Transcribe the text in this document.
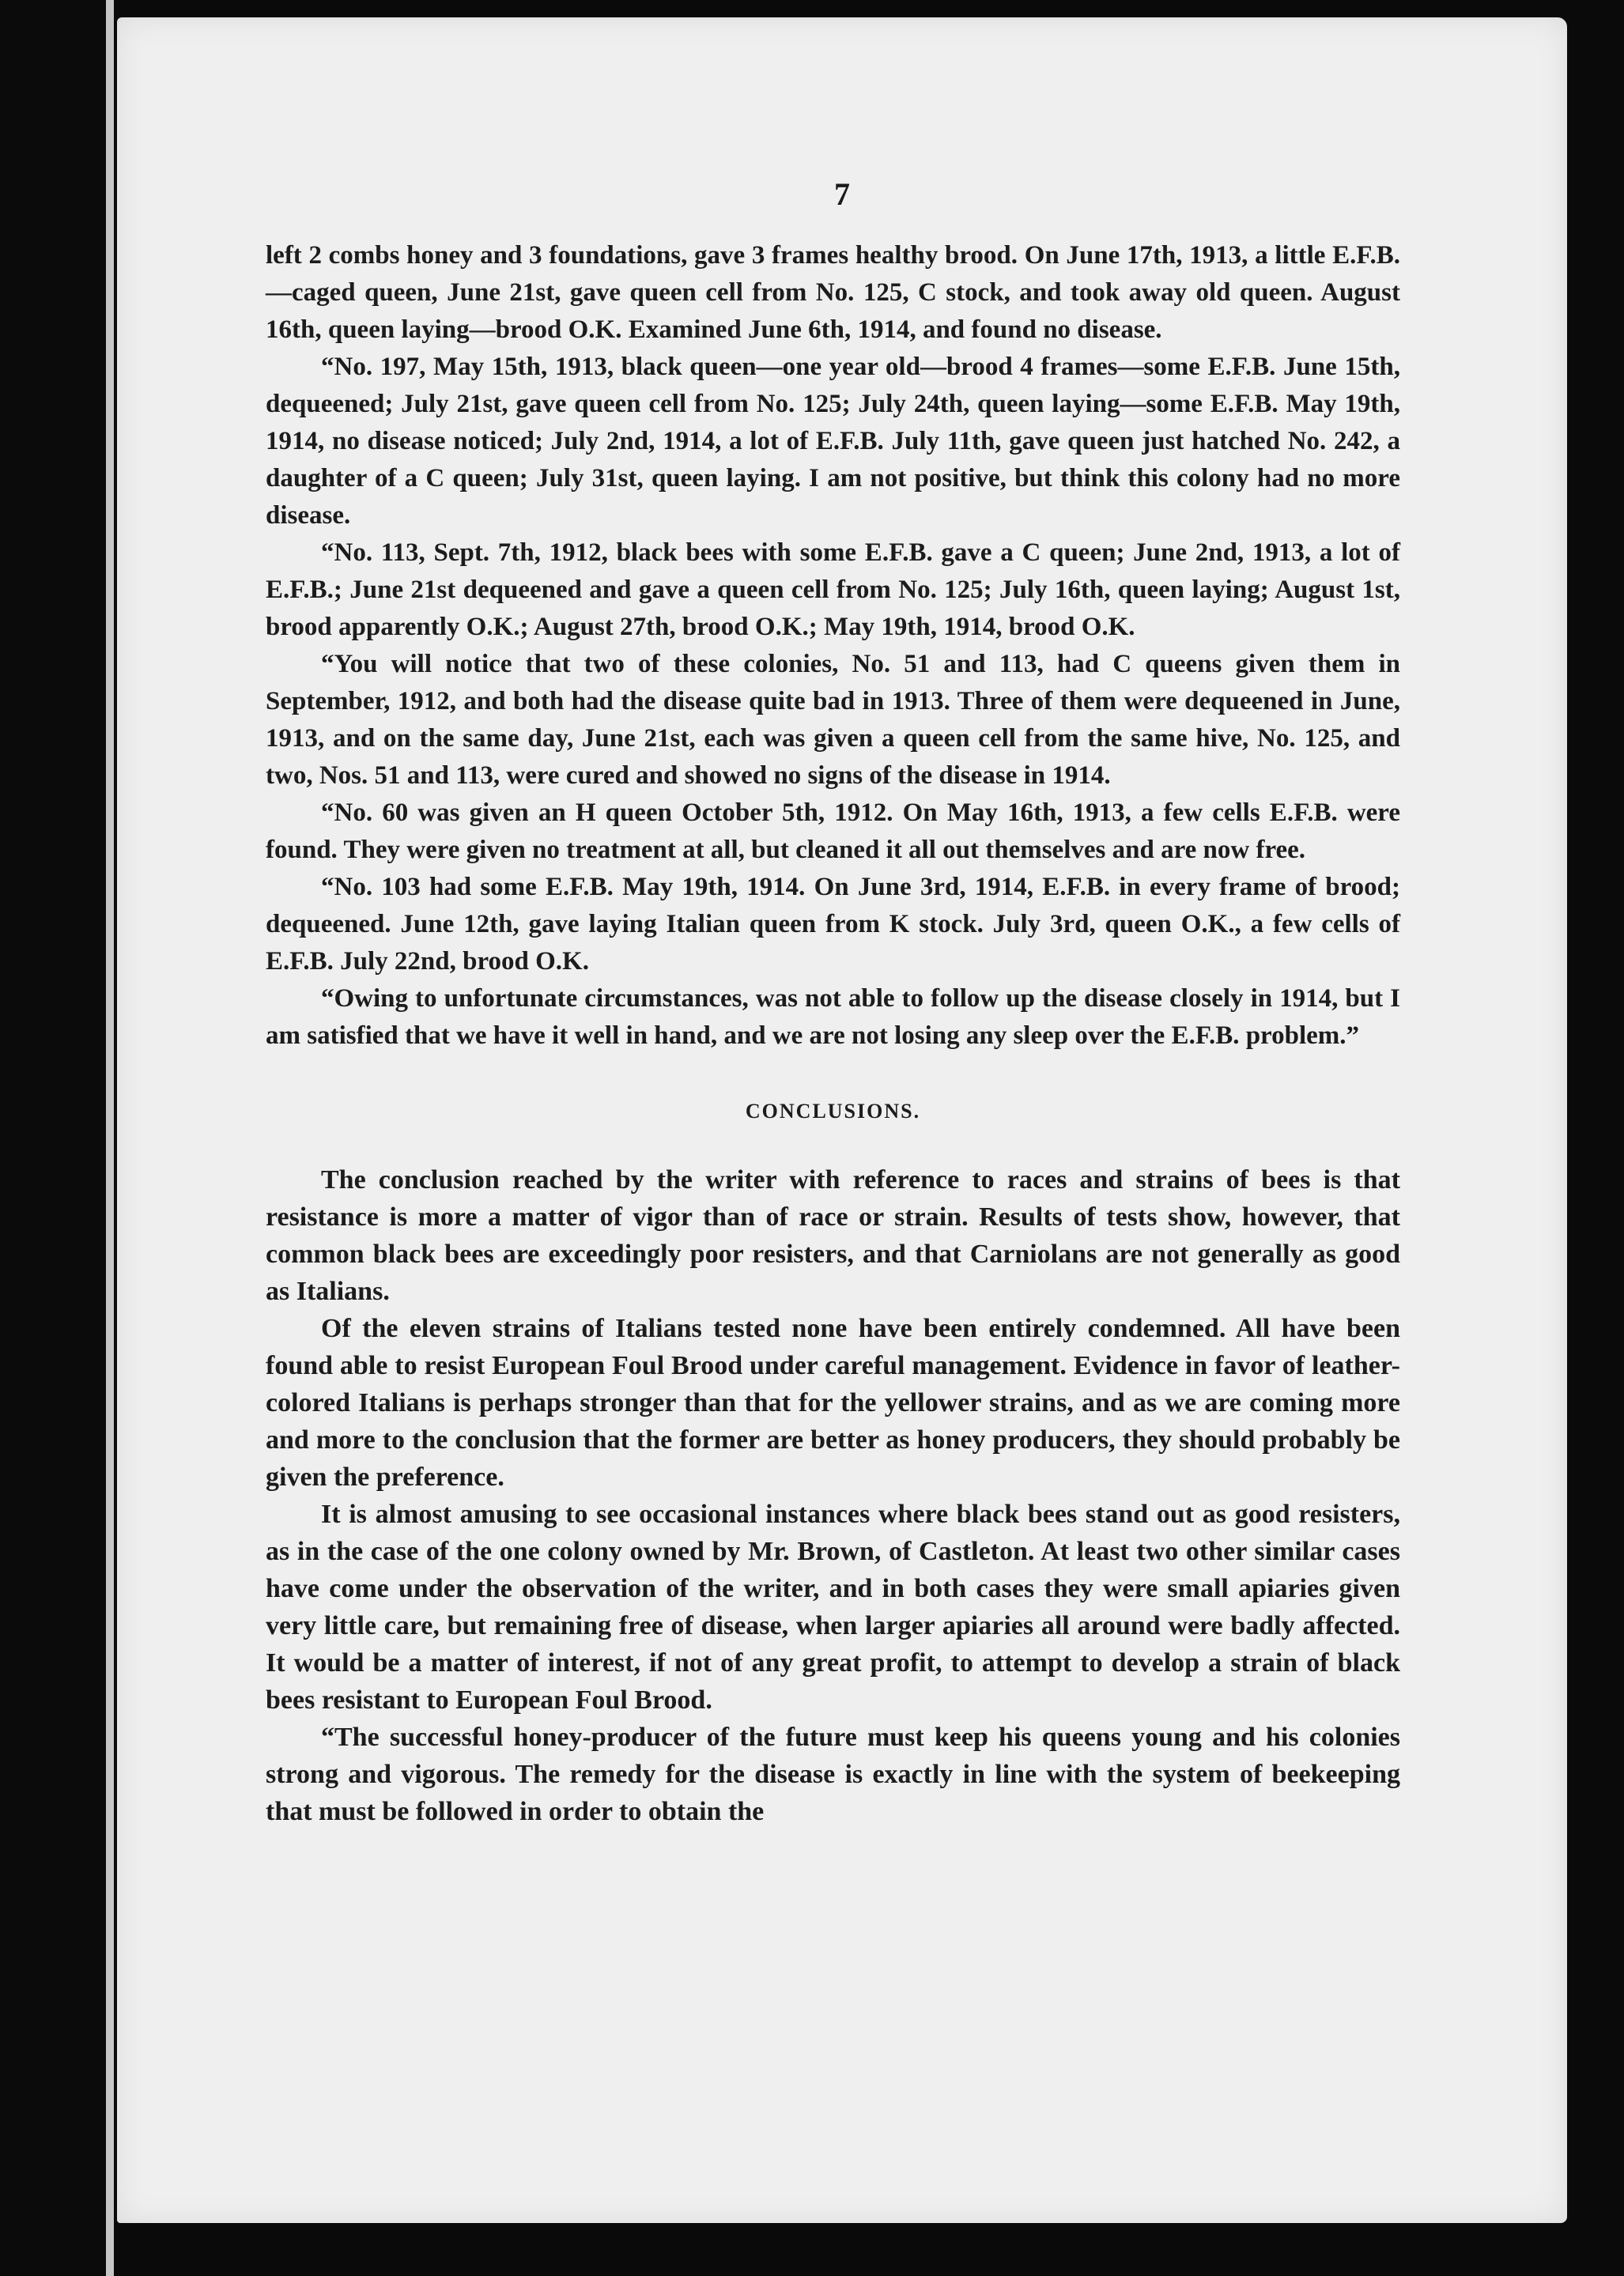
7

left 2 combs honey and 3 foundations, gave 3 frames healthy brood. On June 17th, 1913, a little E.F.B.—caged queen, June 21st, gave queen cell from No. 125, C stock, and took away old queen. August 16th, queen laying—brood O.K. Examined June 6th, 1914, and found no disease.

“No. 197, May 15th, 1913, black queen—one year old—brood 4 frames—some E.F.B. June 15th, dequeened; July 21st, gave queen cell from No. 125; July 24th, queen laying—some E.F.B. May 19th, 1914, no disease noticed; July 2nd, 1914, a lot of E.F.B. July 11th, gave queen just hatched No. 242, a daughter of a C queen; July 31st, queen laying. I am not positive, but think this colony had no more disease.

“No. 113, Sept. 7th, 1912, black bees with some E.F.B. gave a C queen; June 2nd, 1913, a lot of E.F.B.; June 21st dequeened and gave a queen cell from No. 125; July 16th, queen laying; August 1st, brood apparently O.K.; August 27th, brood O.K.; May 19th, 1914, brood O.K.

“You will notice that two of these colonies, No. 51 and 113, had C queens given them in September, 1912, and both had the disease quite bad in 1913. Three of them were dequeened in June, 1913, and on the same day, June 21st, each was given a queen cell from the same hive, No. 125, and two, Nos. 51 and 113, were cured and showed no signs of the disease in 1914.

“No. 60 was given an H queen October 5th, 1912. On May 16th, 1913, a few cells E.F.B. were found. They were given no treatment at all, but cleaned it all out themselves and are now free.

“No. 103 had some E.F.B. May 19th, 1914. On June 3rd, 1914, E.F.B. in every frame of brood; dequeened. June 12th, gave laying Italian queen from K stock. July 3rd, queen O.K., a few cells of E.F.B. July 22nd, brood O.K.

“Owing to unfortunate circumstances, was not able to follow up the disease closely in 1914, but I am satisfied that we have it well in hand, and we are not losing any sleep over the E.F.B. problem.”

CONCLUSIONS.

The conclusion reached by the writer with reference to races and strains of bees is that resistance is more a matter of vigor than of race or strain. Results of tests show, however, that common black bees are exceedingly poor resisters, and that Carniolans are not generally as good as Italians.

Of the eleven strains of Italians tested none have been entirely condemned. All have been found able to resist European Foul Brood under careful management. Evidence in favor of leather-colored Italians is perhaps stronger than that for the yellower strains, and as we are coming more and more to the conclusion that the former are better as honey producers, they should probably be given the preference.

It is almost amusing to see occasional instances where black bees stand out as good resisters, as in the case of the one colony owned by Mr. Brown, of Castleton. At least two other similar cases have come under the observation of the writer, and in both cases they were small apiaries given very little care, but remaining free of disease, when larger apiaries all around were badly affected. It would be a matter of interest, if not of any great profit, to attempt to develop a strain of black bees resistant to European Foul Brood.

“The successful honey-producer of the future must keep his queens young and his colonies strong and vigorous. The remedy for the disease is exactly in line with the system of beekeeping that must be followed in order to obtain the
